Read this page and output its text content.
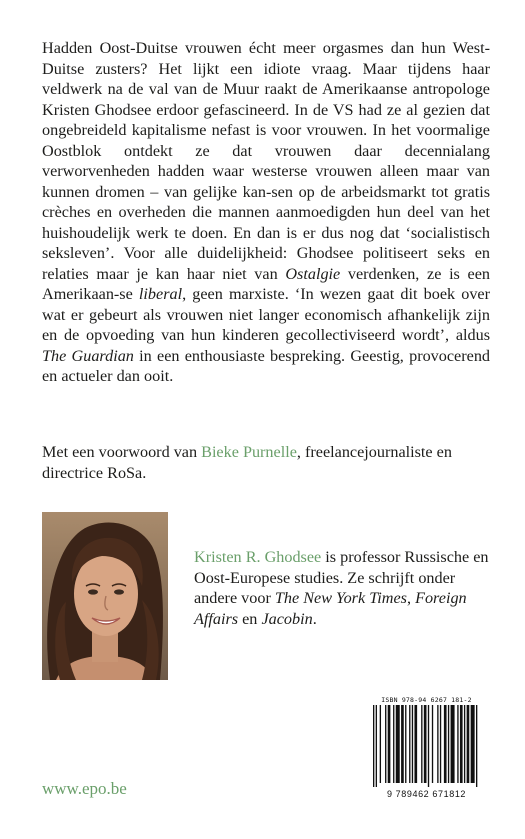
Hadden Oost-Duitse vrouwen écht meer orgasmes dan hun West-Duitse zusters? Het lijkt een idiote vraag. Maar tijdens haar veldwerk na de val van de Muur raakt de Amerikaanse antropologe Kristen Ghodsee erdoor gefascineerd. In de VS had ze al gezien dat ongebreideld kapitalisme nefast is voor vrouwen. In het voormalige Oostblok ontdekt ze dat vrouwen daar decennialang verworvenheden hadden waar westerse vrouwen alleen maar van kunnen dromen – van gelijke kan-sen op de arbeidsmarkt tot gratis crèches en overheden die mannen aanmoedigden hun deel van het huishoudelijk werk te doen. En dan is er dus nog dat ‘socialistisch seksleven’. Voor alle duidelijkheid: Ghodsee politiseert seks en relaties maar je kan haar niet van Ostalgie verdenken, ze is een Amerikaan-se liberal, geen marxiste. ‘In wezen gaat dit boek over wat er gebeurt als vrouwen niet langer economisch afhankelijk zijn en de opvoeding van hun kinderen gecollectiviseerd wordt’, aldus The Guardian in een enthousiaste bespreking. Geestig, provocerend en actueler dan ooit.

Met een voorwoord van Bieke Purnelle, freelancejournaliste en directrice RoSa.

Kristen R. Ghodsee is professor Russische en Oost-Europese studies. Ze schrijft onder andere voor The New York Times, Foreign Affairs en Jacobin.

www.epo.be
ISBN 978-94 6267 181-2
9 789462 671812
